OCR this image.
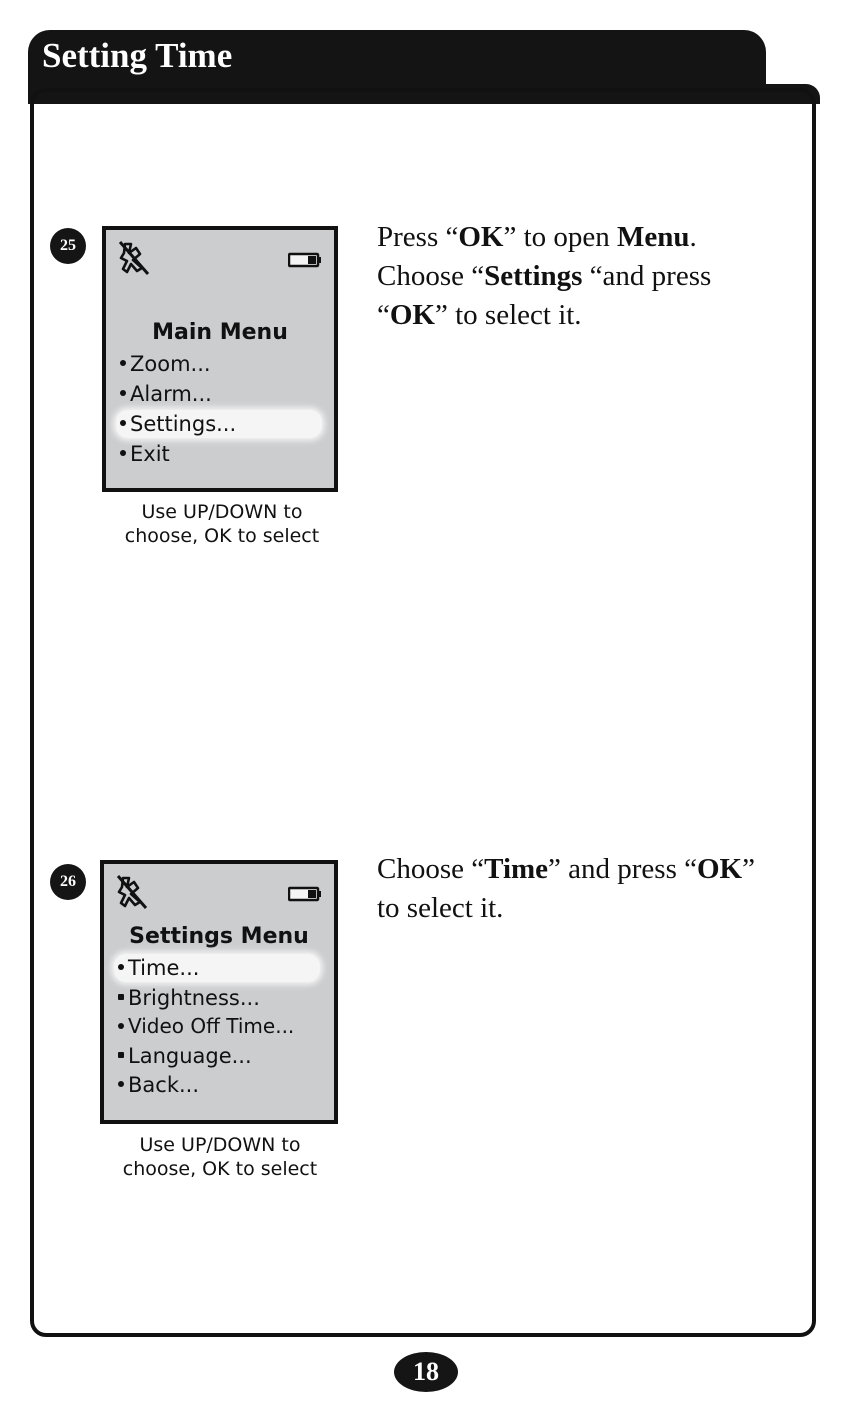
Setting Time
25
Main Menu
Zoom...
Alarm...
Settings...
Exit
Use UP/DOWN to
choose, OK to select
Press “OK” to open Menu.
Choose “Settings “and press
“OK” to select it.
26
Settings Menu
Time...
Brightness...
Video Off Time...
Language...
Back...
Use UP/DOWN to
choose, OK to select
Choose “Time” and press “OK”
to select it.
18
